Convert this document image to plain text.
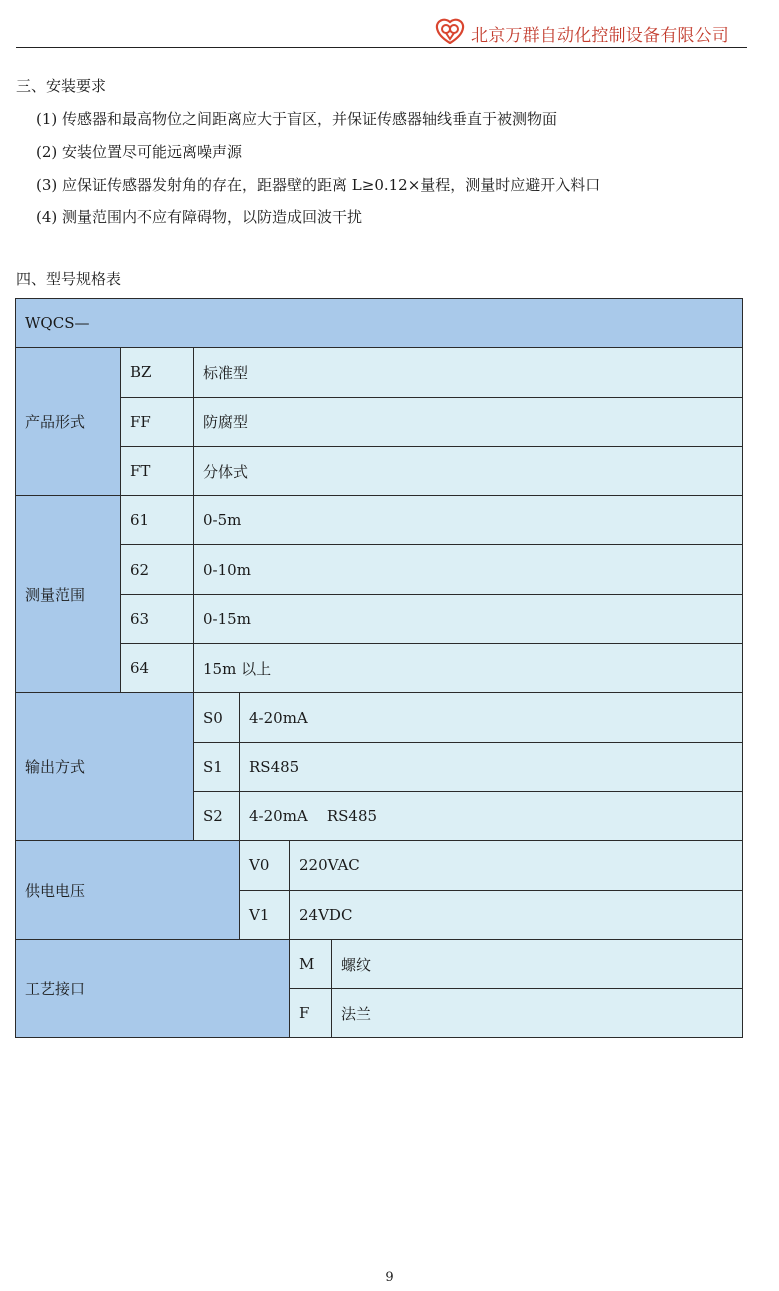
北京万群自动化控制设备有限公司
三、安装要求
(1) 传感器和最高物位之间距离应大于盲区，并保证传感器轴线垂直于被测物面
(2) 安装位置尽可能远离噪声源
(3) 应保证传感器发射角的存在，距器壁的距离 L≥0.12×量程，测量时应避开入料口
(4) 测量范围内不应有障碍物，以防造成回波干扰
四、型号规格表
WQCS—					
产品形式	BZ	标准型			
	FF	防腐型			
	FT	分体式			
测量范围	61	0-5m			
	62	0-10m			
	63	0-15m			
	64	15m 以上			
输出方式		S0	4-20mA		
		S1	RS485		
		S2	4-20mA    RS485		
供电电压			V0	220VAC	
			V1	24VDC	
工艺接口				M	螺纹
				F	法兰
9
